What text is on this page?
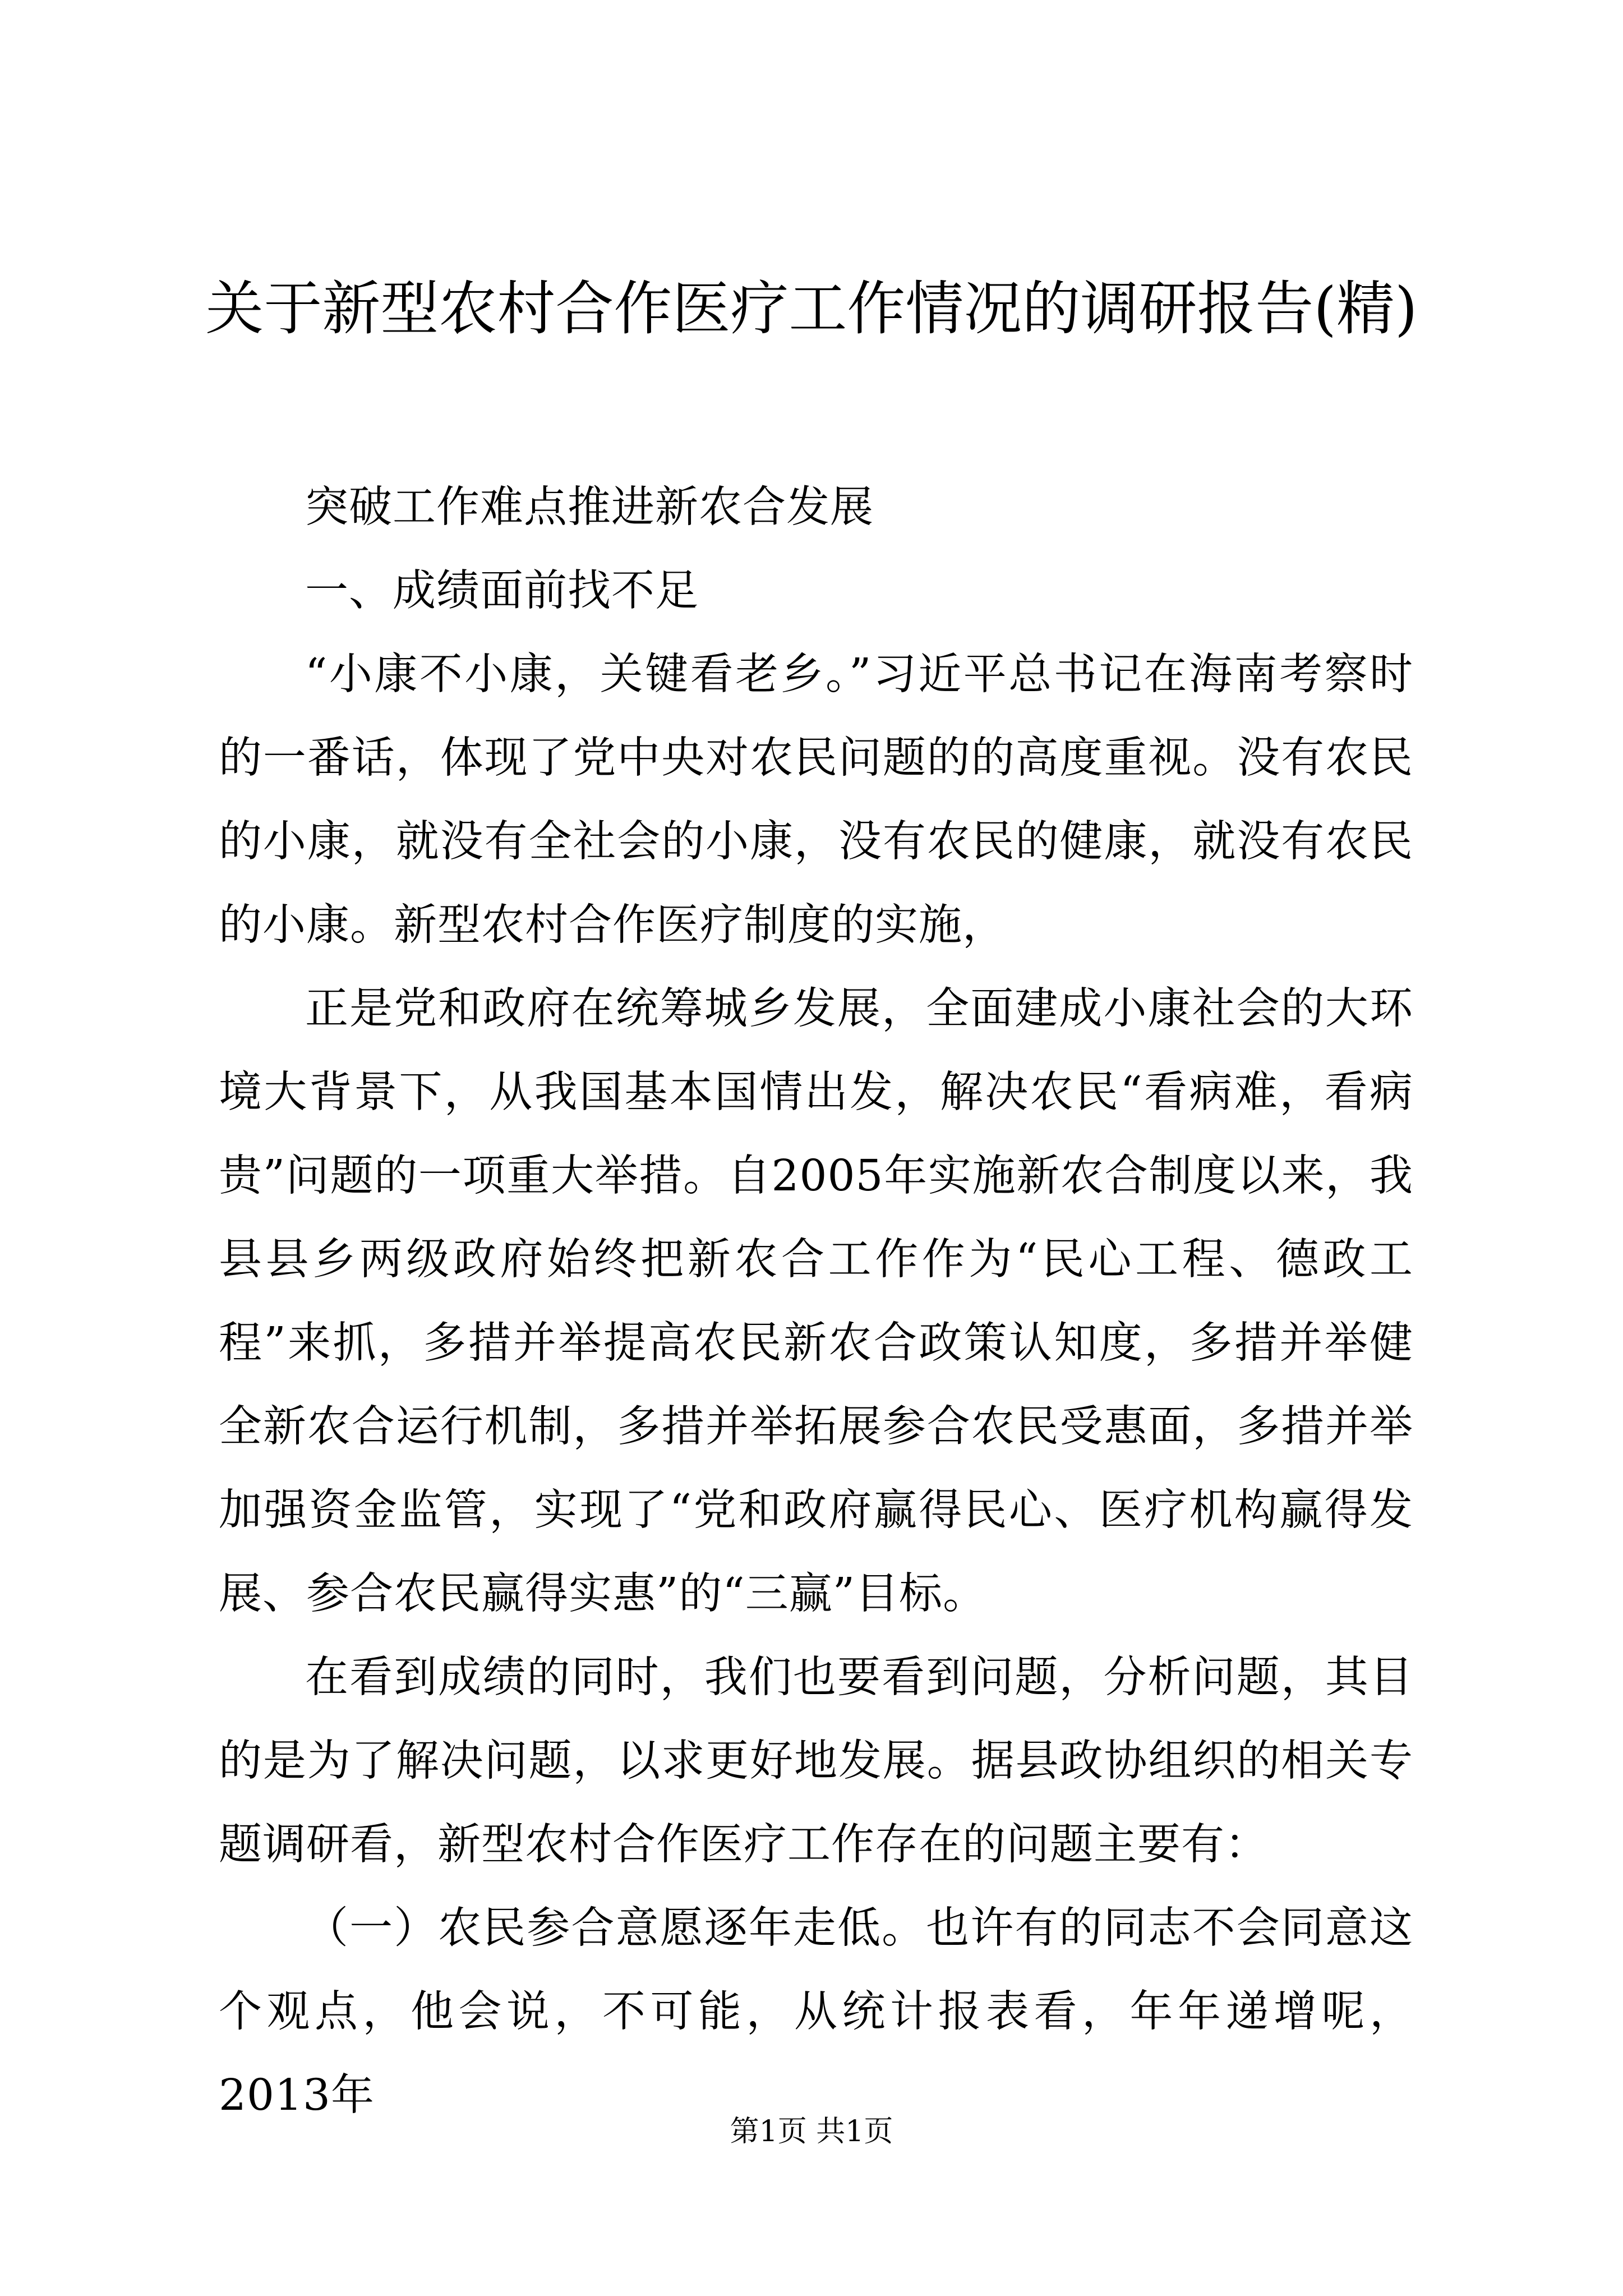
关于新型农村合作医疗工作情况的调研报告(精)

突破工作难点推进新农合发展

一、成绩面前找不足

“小康不小康，关键看老乡。”习近平总书记在海南考察时的一番话，体现了党中央对农民问题的的高度重视。没有农民的小康，就没有全社会的小康，没有农民的健康，就没有农民的小康。新型农村合作医疗制度的实施，

正是党和政府在统筹城乡发展，全面建成小康社会的大环境大背景下，从我国基本国情出发，解决农民“看病难，看病贵”问题的一项重大举措。自2005年实施新农合制度以来，我县县乡两级政府始终把新农合工作作为“民心工程、德政工程”来抓，多措并举提高农民新农合政策认知度，多措并举健全新农合运行机制，多措并举拓展参合农民受惠面，多措并举加强资金监管，实现了“党和政府赢得民心、医疗机构赢得发展、参合农民赢得实惠”的“三赢”目标。

在看到成绩的同时，我们也要看到问题，分析问题，其目的是为了解决问题，以求更好地发展。据县政协组织的相关专题调研看，新型农村合作医疗工作存在的问题主要有：

（一）农民参合意愿逐年走低。也许有的同志不会同意这个观点，他会说，不可能，从统计报表看，年年递增呢，2013年

第1页 共1页
